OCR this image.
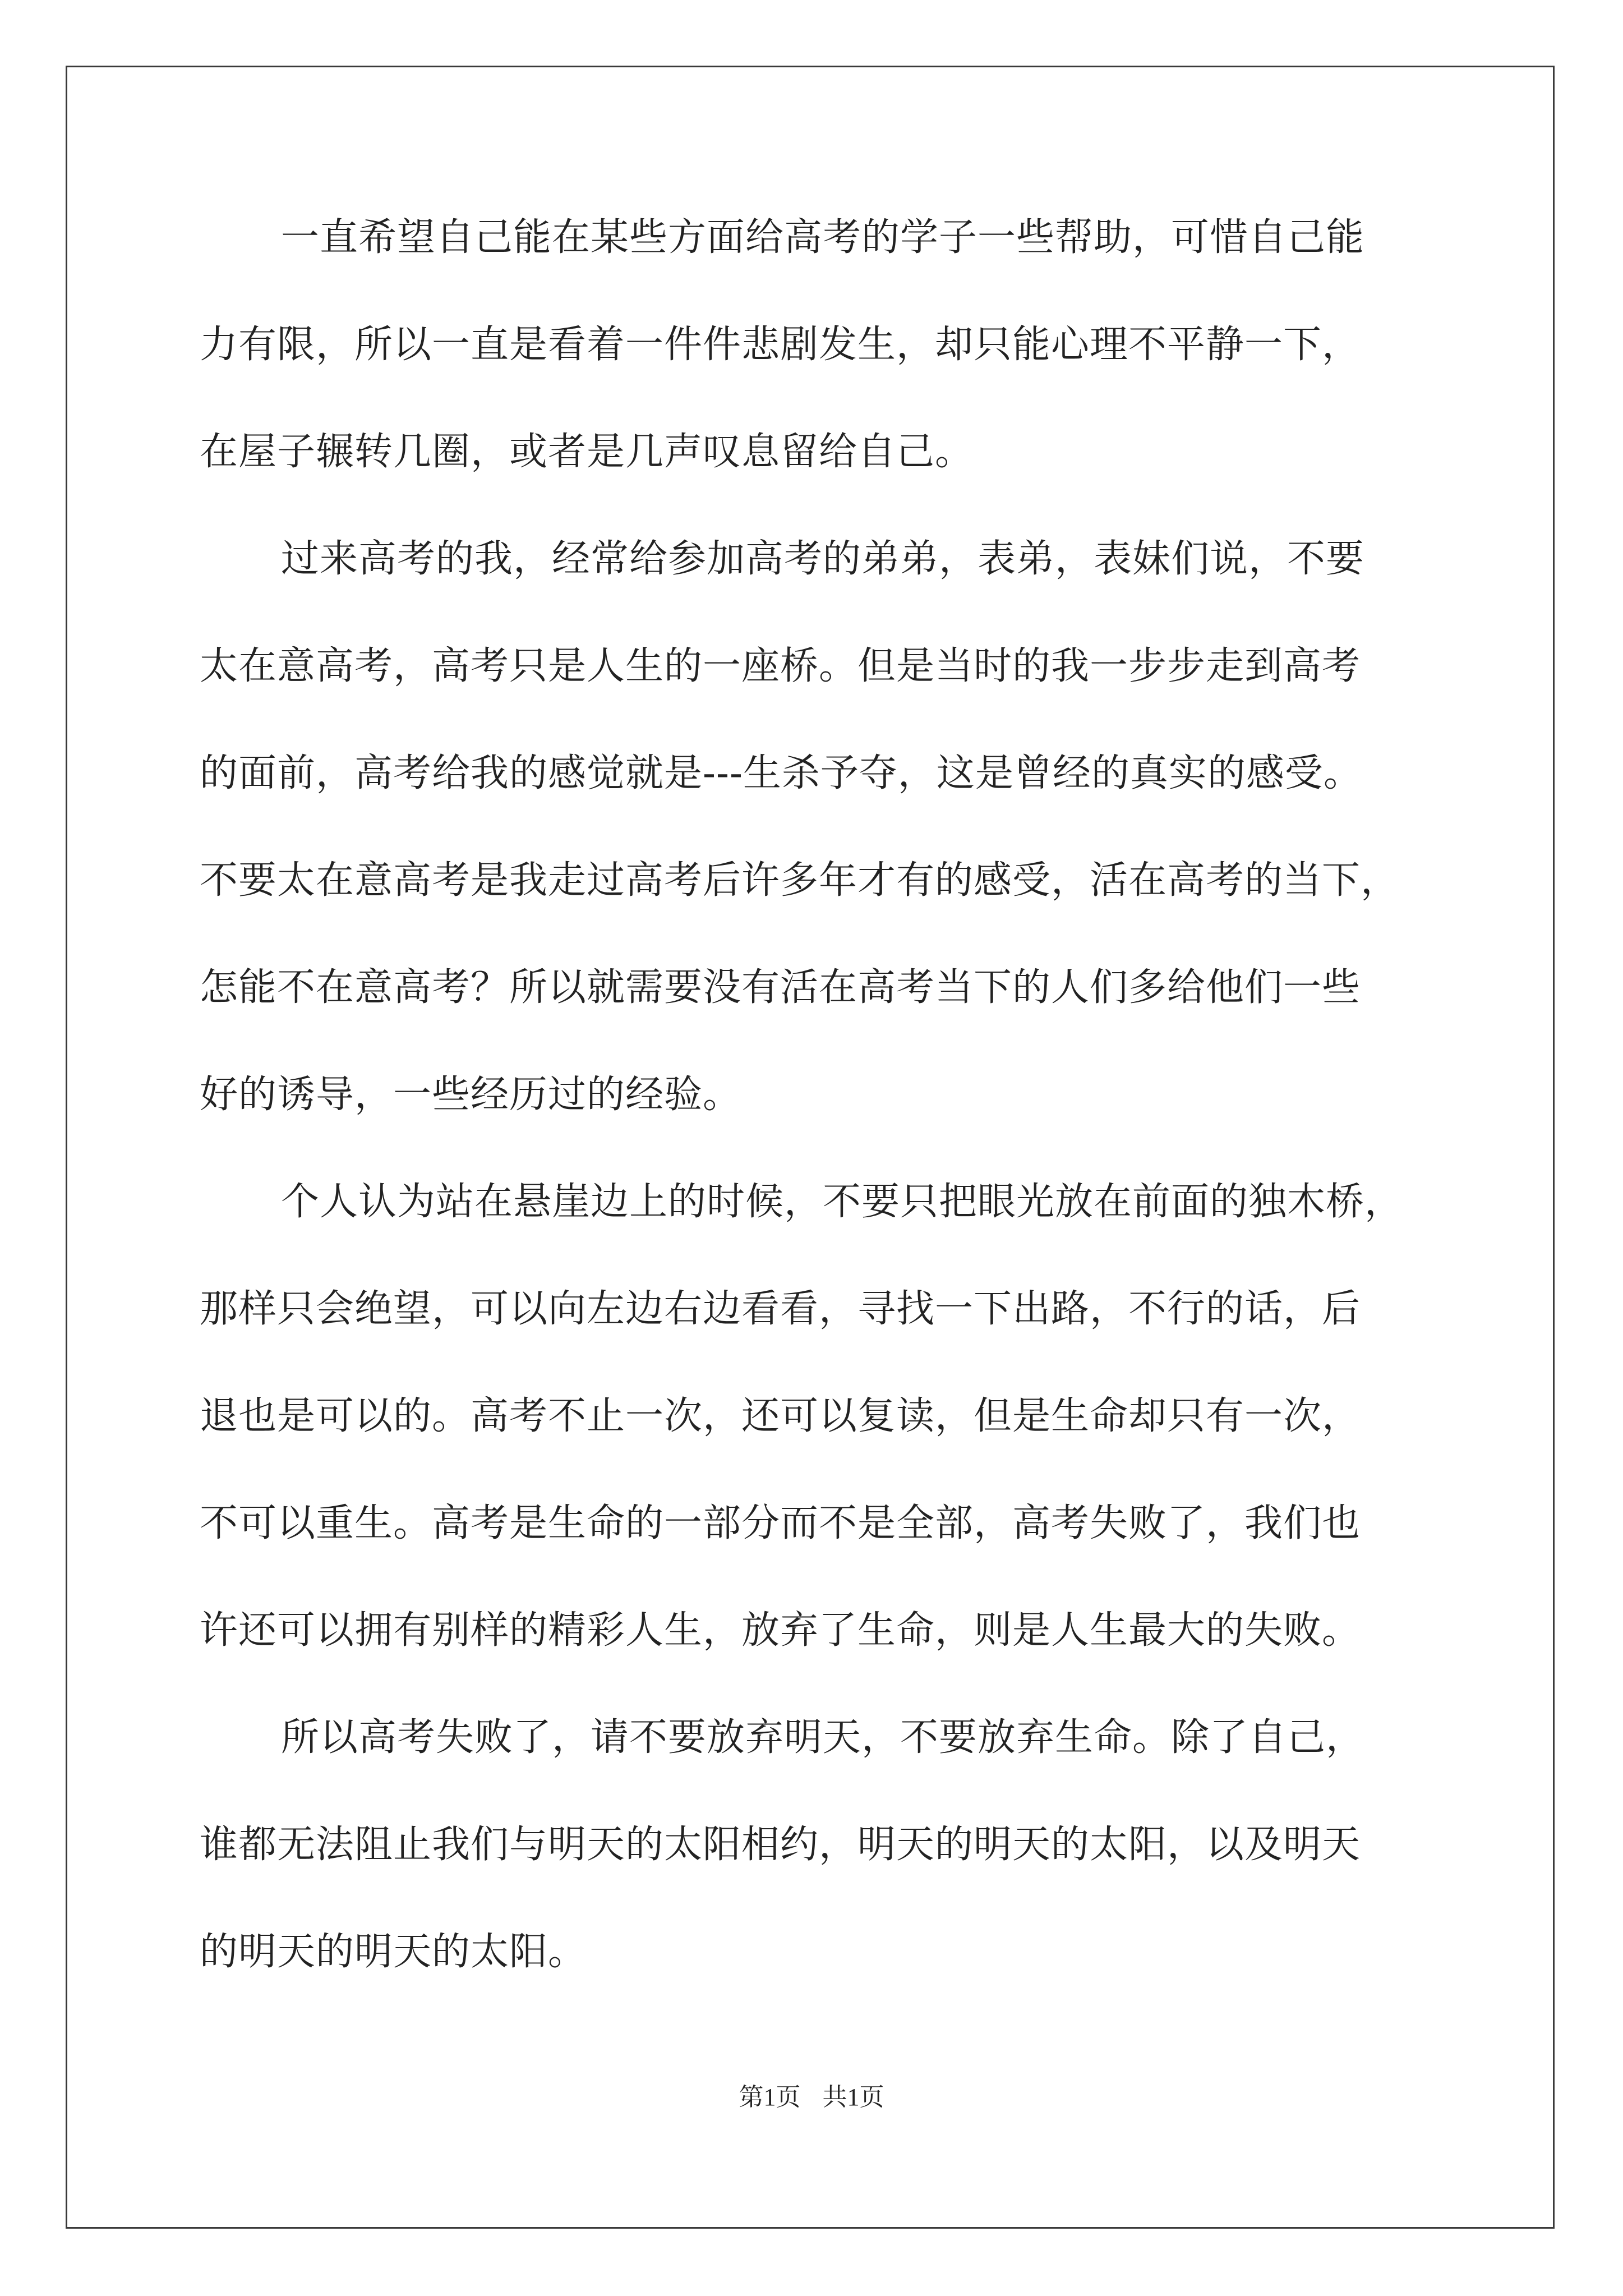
一直希望自己能在某些方面给高考的学子一些帮助，可惜自己能
力有限，所以一直是看着一件件悲剧发生，却只能心理不平静一下，
在屋子辗转几圈，或者是几声叹息留给自己。
过来高考的我，经常给参加高考的弟弟，表弟，表妹们说，不要
太在意高考，高考只是人生的一座桥。但是当时的我一步步走到高考
的面前，高考给我的感觉就是---生杀予夺，这是曾经的真实的感受。
不要太在意高考是我走过高考后许多年才有的感受，活在高考的当下，
怎能不在意高考？所以就需要没有活在高考当下的人们多给他们一些
好的诱导，一些经历过的经验。
个人认为站在悬崖边上的时候，不要只把眼光放在前面的独木桥，
那样只会绝望，可以向左边右边看看，寻找一下出路，不行的话，后
退也是可以的。高考不止一次，还可以复读，但是生命却只有一次，
不可以重生。高考是生命的一部分而不是全部，高考失败了，我们也
许还可以拥有别样的精彩人生，放弃了生命，则是人生最大的失败。
所以高考失败了，请不要放弃明天，不要放弃生命。除了自己，
谁都无法阻止我们与明天的太阳相约，明天的明天的太阳，以及明天
的明天的明天的太阳。
第1页 共1页
